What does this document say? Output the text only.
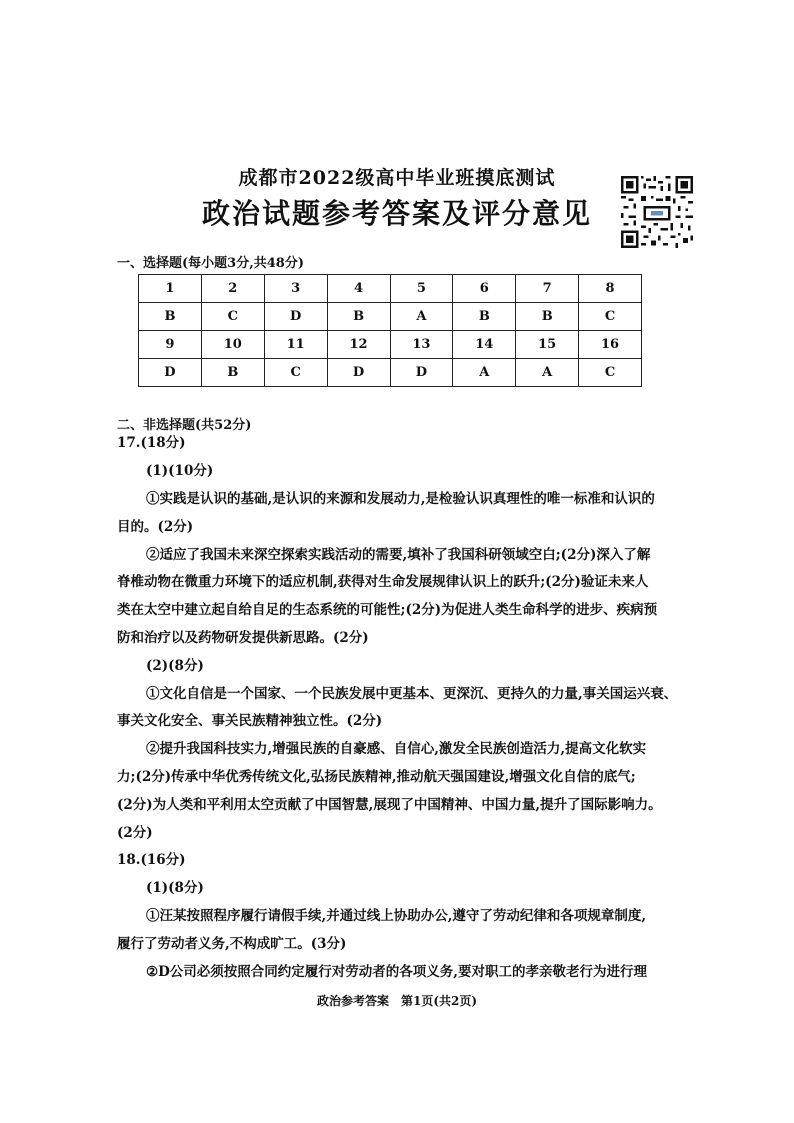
成都市2022级高中毕业班摸底测试
政治试题参考答案及评分意见
一、选择题(每小题3分,共48分)
1	2	3	4	5	6	7	8
B	C	D	B	A	B	B	C
9	10	11	12	13	14	15	16
D	B	C	D	D	A	A	C
二、非选择题(共52分)
17.(18分)
(1)(10分)
①实践是认识的基础,是认识的来源和发展动力,是检验认识真理性的唯一标准和认识的
目的。(2分)
②适应了我国未来深空探索实践活动的需要,填补了我国科研领域空白;(2分)深入了解
脊椎动物在微重力环境下的适应机制,获得对生命发展规律认识上的跃升;(2分)验证未来人
类在太空中建立起自给自足的生态系统的可能性;(2分)为促进人类生命科学的进步、疾病预
防和治疗以及药物研发提供新思路。(2分)
(2)(8分)
①文化自信是一个国家、一个民族发展中更基本、更深沉、更持久的力量,事关国运兴衰、
事关文化安全、事关民族精神独立性。(2分)
②提升我国科技实力,增强民族的自豪感、自信心,激发全民族创造活力,提高文化软实
力;(2分)传承中华优秀传统文化,弘扬民族精神,推动航天强国建设,增强文化自信的底气;
(2分)为人类和平利用太空贡献了中国智慧,展现了中国精神、中国力量,提升了国际影响力。
(2分)
18.(16分)
(1)(8分)
①汪某按照程序履行请假手续,并通过线上协助办公,遵守了劳动纪律和各项规章制度,
履行了劳动者义务,不构成旷工。(3分)
②D公司必须按照合同约定履行对劳动者的各项义务,要对职工的孝亲敬老行为进行理
政治参考答案　第1页(共2页)
